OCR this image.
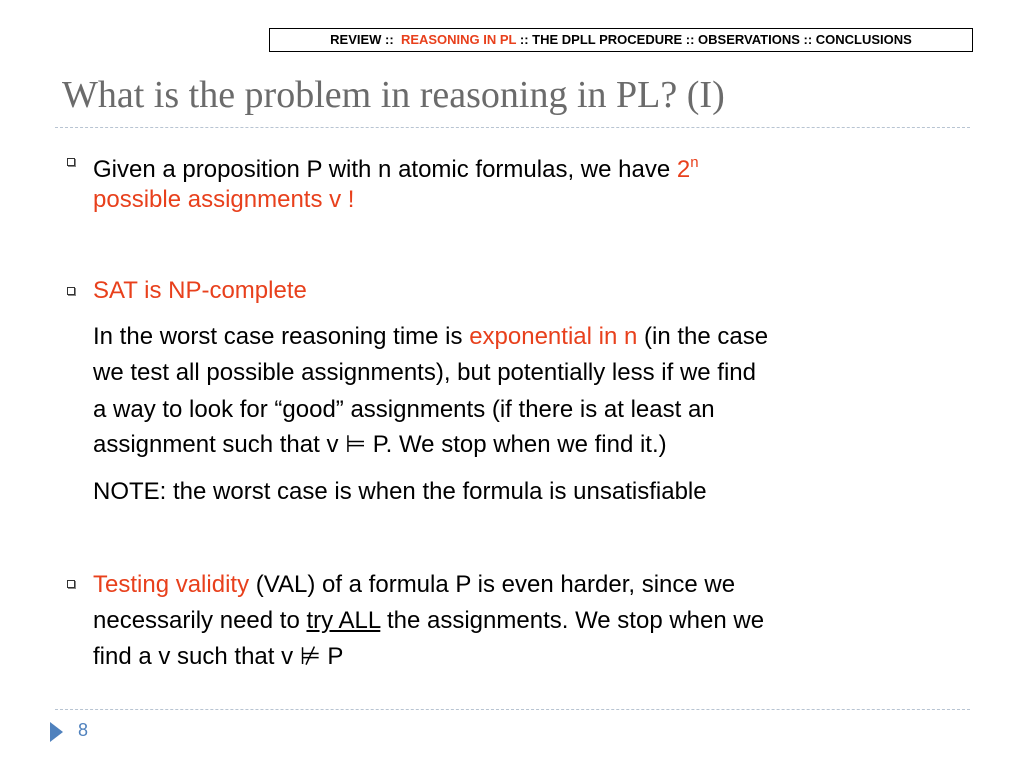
REVIEW :: REASONING IN PL :: THE DPLL PROCEDURE :: OBSERVATIONS :: CONCLUSIONS
What is the problem in reasoning in PL? (I)
Given a proposition P with n atomic formulas, we have 2$^n$
possible assignments v !
SAT is NP-complete
In the worst case reasoning time is exponential in n (in the case
we test all possible assignments), but potentially less if we find
a way to look for “good” assignments (if there is at least an
assignment such that v ⊨ P. We stop when we find it.)
NOTE: the worst case is when the formula is unsatisfiable
Testing validity (VAL) of a formula P is even harder, since we
necessarily need to try ALL the assignments. We stop when we
find a v such that v ⊭ P
8
